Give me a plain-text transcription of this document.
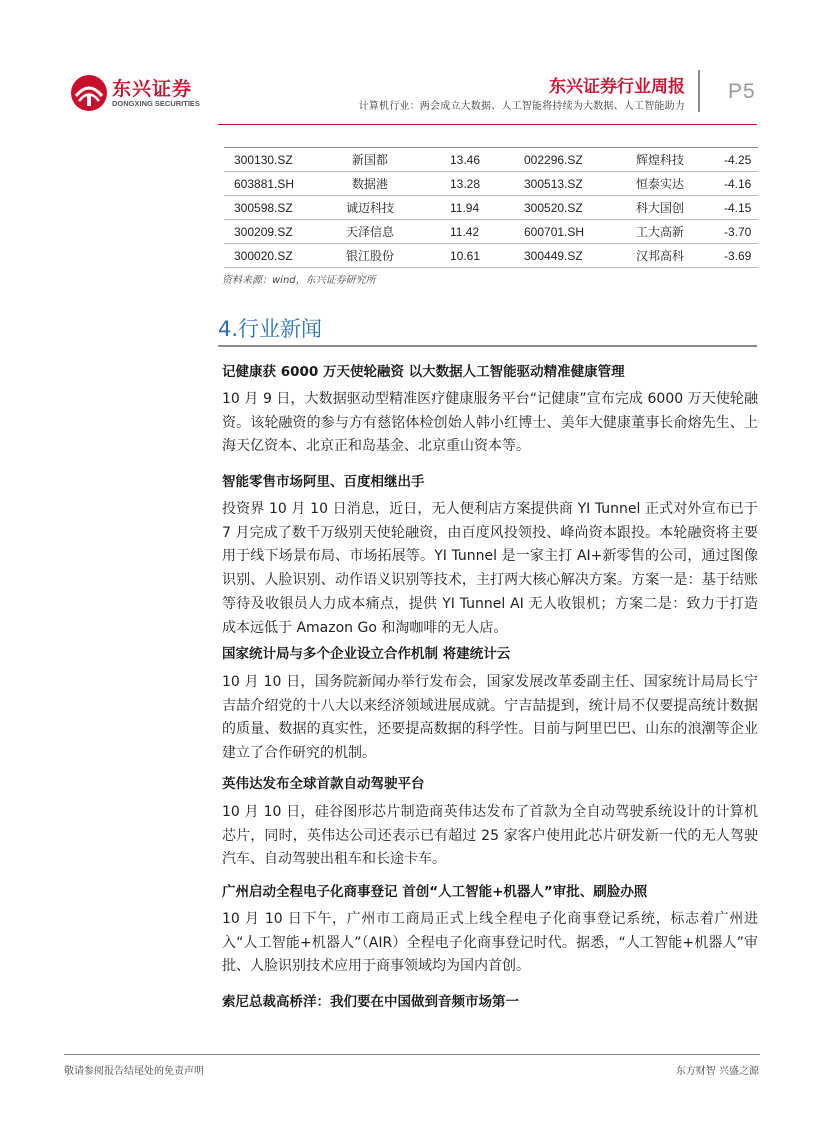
东兴证券
DONGXING SECURITIES
东兴证券行业周报
计算机行业：两会成立大数据、人工智能将持续为大数据、人工智能助力
P5
300130.SZ	新国都	13.46	002296.SZ	辉煌科技	-4.25
603881.SH	数据港	13.28	300513.SZ	恒泰实达	-4.16
300598.SZ	诚迈科技	11.94	300520.SZ	科大国创	-4.15
300209.SZ	天泽信息	11.42	600701.SH	工大高新	-3.70
300020.SZ	银江股份	10.61	300449.SZ	汉邦高科	-3.69
资料来源：wind，东兴证券研究所
4.行业新闻
记健康获 6000 万天使轮融资 以大数据人工智能驱动精准健康管理

10 月 9 日，大数据驱动型精准医疗健康服务平台“记健康”宣布完成 6000 万天使轮融资。该轮融资的参与方有慈铭体检创始人韩小红博士、美年大健康董事长俞熔先生、上海天亿资本、北京正和岛基金、北京重山资本等。

智能零售市场阿里、百度相继出手

投资界 10 月 10 日消息，近日，无人便利店方案提供商 YI Tunnel 正式对外宣布已于 7 月完成了数千万级别天使轮融资，由百度风投领投、峰尚资本跟投。本轮融资将主要用于线下场景布局、市场拓展等。YI Tunnel 是一家主打 AI+新零售的公司，通过图像识别、人脸识别、动作语义识别等技术，主打两大核心解决方案。方案一是：基于结账等待及收银员人力成本痛点，提供 YI Tunnel AI 无人收银机；方案二是：致力于打造成本远低于 Amazon Go 和淘咖啡的无人店。

国家统计局与多个企业设立合作机制 将建统计云

10 月 10 日，国务院新闻办举行发布会，国家发展改革委副主任、国家统计局局长宁吉喆介绍党的十八大以来经济领域进展成就。宁吉喆提到，统计局不仅要提高统计数据的质量、数据的真实性，还要提高数据的科学性。目前与阿里巴巴、山东的浪潮等企业建立了合作研究的机制。

英伟达发布全球首款自动驾驶平台

10 月 10 日，硅谷图形芯片制造商英伟达发布了首款为全自动驾驶系统设计的计算机芯片，同时，英伟达公司还表示已有超过 25 家客户使用此芯片研发新一代的无人驾驶汽车、自动驾驶出租车和长途卡车。

广州启动全程电子化商事登记 首创“人工智能+机器人”审批、刷脸办照

10 月 10 日下午，广州市工商局正式上线全程电子化商事登记系统，标志着广州进入“人工智能+机器人”（AIR）全程电子化商事登记时代。据悉，“人工智能+机器人”审批、人脸识别技术应用于商事领域均为国内首创。

索尼总裁高桥洋：我们要在中国做到音频市场第一
敬请参阅报告结尾处的免责声明	东方财智 兴盛之源
